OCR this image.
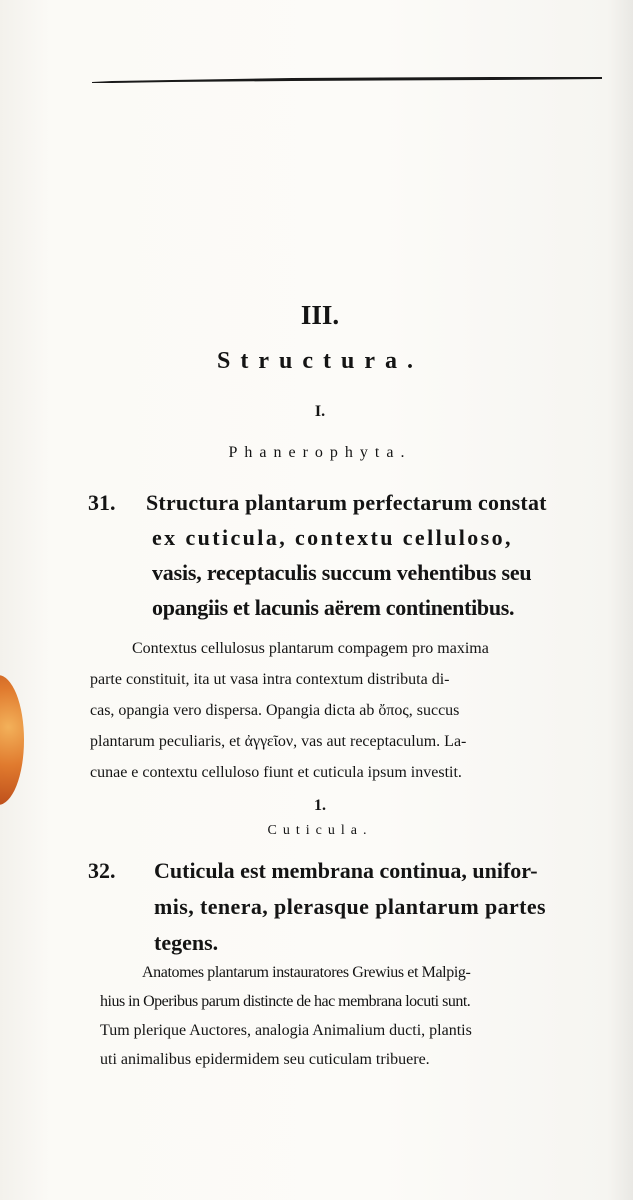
III.
Structura.
I.
Phanerophyta.
31. Structura plantarum perfectarum constat
ex cuticula, contextu celluloso,
vasis, receptaculis succum vehentibus seu
opangiis et lacunis aërem continentibus.
Contextus cellulosus plantarum compagem pro maxima
parte constituit, ita ut vasa intra contextum distributa di-
cas, opangia vero dispersa. Opangia dicta ab ὄπος, succus
plantarum peculiaris, et ἀγγεῖον, vas aut receptaculum. La-
cunae e contextu celluloso fiunt et cuticula ipsum investit.
1.
Cuticula.
32. Cuticula est membrana continua, unifor-
mis, tenera, plerasque plantarum partes
tegens.
Anatomes plantarum instauratores Grewius et Malpig-
hius in Operibus parum distincte de hac membrana locuti sunt.
Tum plerique Auctores, analogia Animalium ducti, plantis
uti animalibus epidermidem seu cuticulam tribuere.
